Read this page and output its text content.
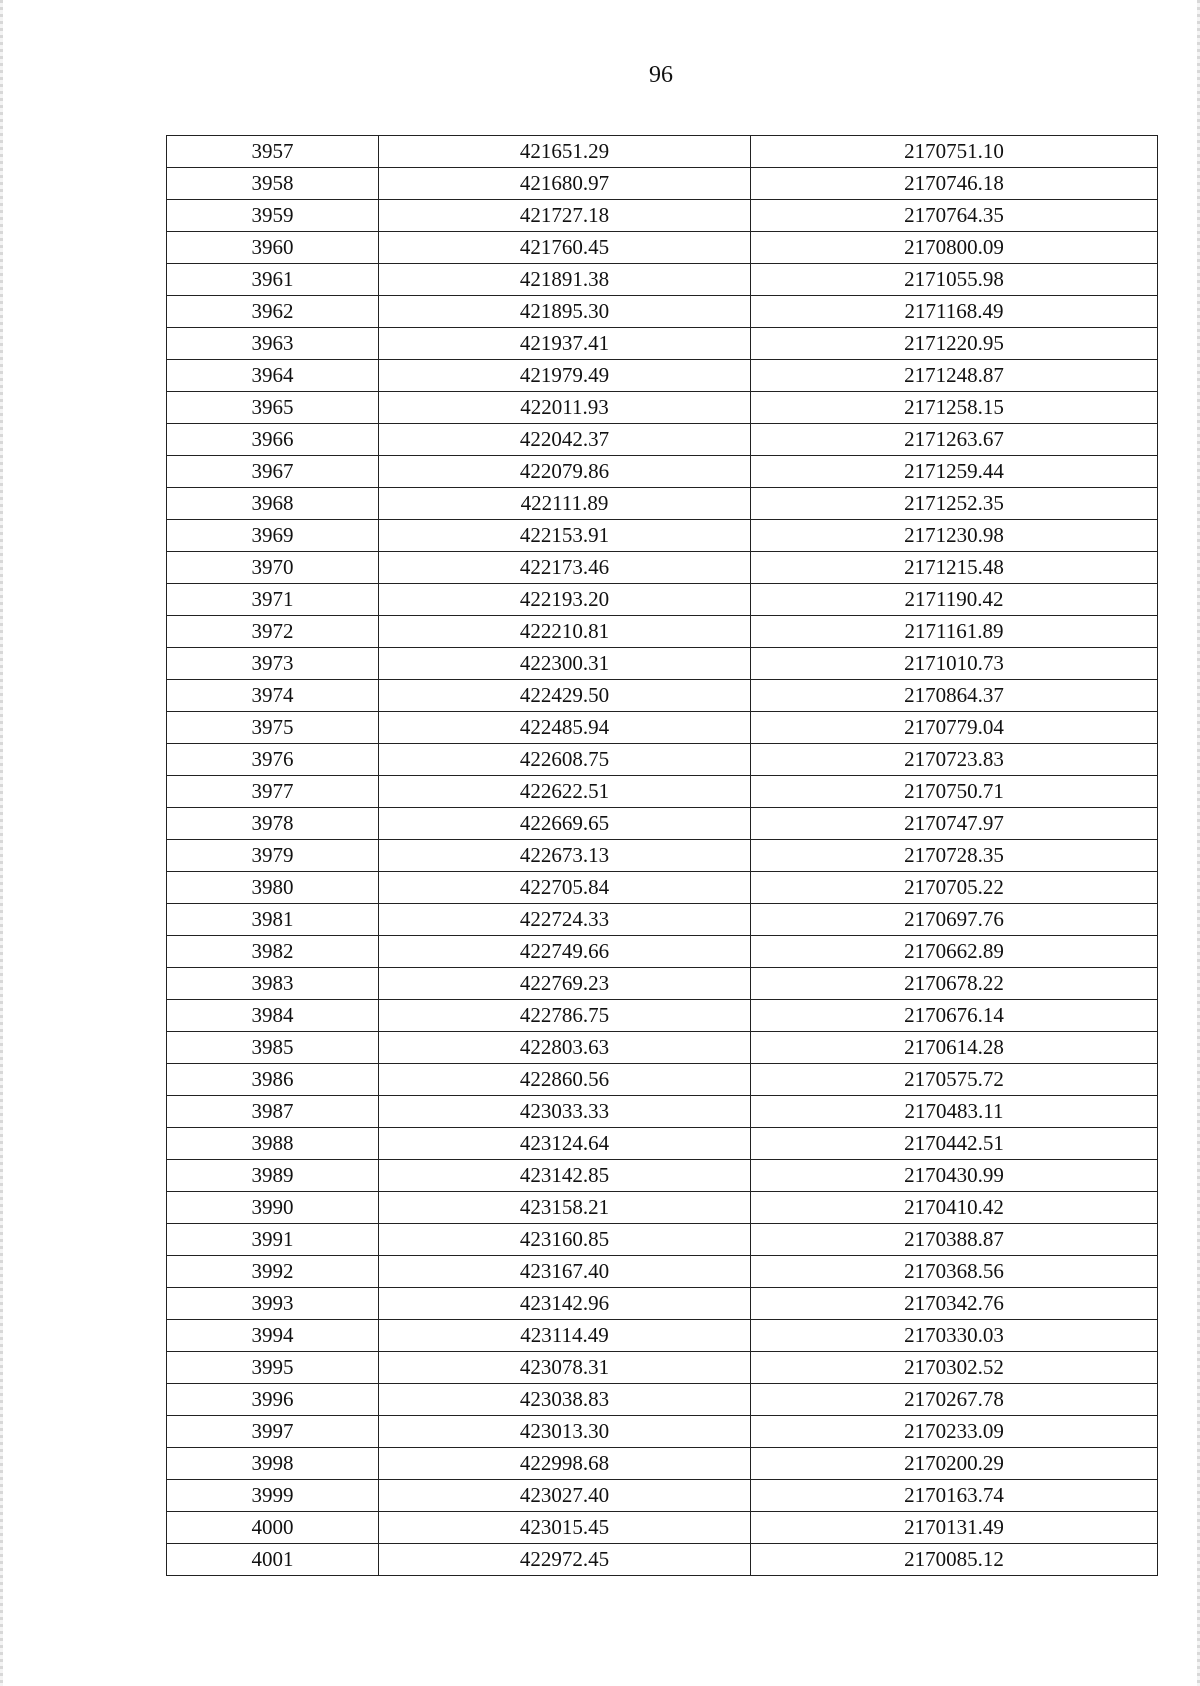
96
3957	421651.29	2170751.10
3958	421680.97	2170746.18
3959	421727.18	2170764.35
3960	421760.45	2170800.09
3961	421891.38	2171055.98
3962	421895.30	2171168.49
3963	421937.41	2171220.95
3964	421979.49	2171248.87
3965	422011.93	2171258.15
3966	422042.37	2171263.67
3967	422079.86	2171259.44
3968	422111.89	2171252.35
3969	422153.91	2171230.98
3970	422173.46	2171215.48
3971	422193.20	2171190.42
3972	422210.81	2171161.89
3973	422300.31	2171010.73
3974	422429.50	2170864.37
3975	422485.94	2170779.04
3976	422608.75	2170723.83
3977	422622.51	2170750.71
3978	422669.65	2170747.97
3979	422673.13	2170728.35
3980	422705.84	2170705.22
3981	422724.33	2170697.76
3982	422749.66	2170662.89
3983	422769.23	2170678.22
3984	422786.75	2170676.14
3985	422803.63	2170614.28
3986	422860.56	2170575.72
3987	423033.33	2170483.11
3988	423124.64	2170442.51
3989	423142.85	2170430.99
3990	423158.21	2170410.42
3991	423160.85	2170388.87
3992	423167.40	2170368.56
3993	423142.96	2170342.76
3994	423114.49	2170330.03
3995	423078.31	2170302.52
3996	423038.83	2170267.78
3997	423013.30	2170233.09
3998	422998.68	2170200.29
3999	423027.40	2170163.74
4000	423015.45	2170131.49
4001	422972.45	2170085.12
